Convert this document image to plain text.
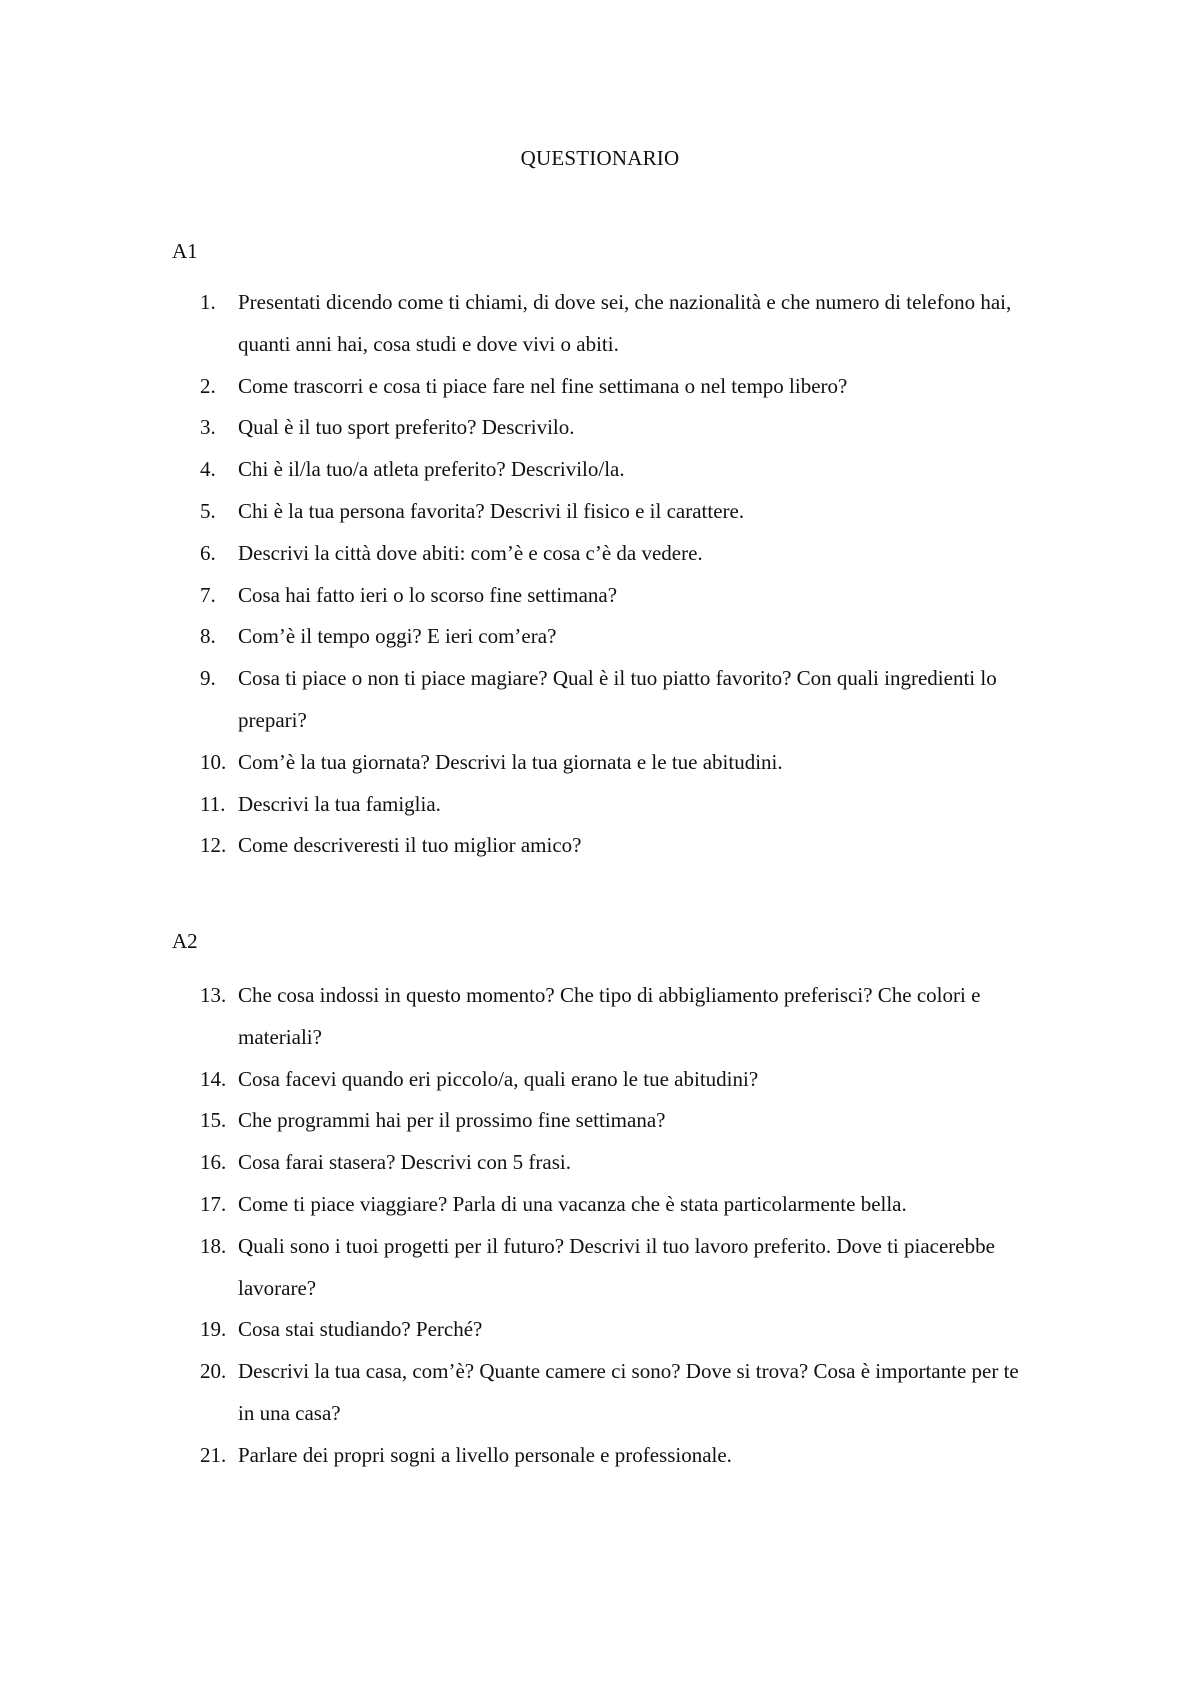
QUESTIONARIO
A1
1.	Presentati dicendo come ti chiami, di dove sei, che nazionalità e che numero di telefono hai, quanti anni hai, cosa studi e dove vivi o abiti.
2.	Come trascorri e cosa ti piace fare nel fine settimana o nel tempo libero?
3.	Qual è il tuo sport preferito? Descrivilo.
4.	Chi è il/la tuo/a atleta preferito? Descrivilo/la.
5.	Chi è la tua persona favorita? Descrivi il fisico e il carattere.
6.	Descrivi la città dove abiti: com’è e cosa c’è da vedere.
7.	Cosa hai fatto ieri o lo scorso fine settimana?
8.	Com’è il tempo oggi? E ieri com’era?
9.	Cosa ti piace o non ti piace magiare? Qual è il tuo piatto favorito? Con quali ingredienti lo prepari?
10. Com’è la tua giornata? Descrivi la tua giornata e le tue abitudini.
11. Descrivi la tua famiglia.
12. Come descriveresti il tuo miglior amico?
A2
13. Che cosa indossi in questo momento? Che tipo di abbigliamento preferisci? Che colori e materiali?
14. Cosa facevi quando eri piccolo/a, quali erano le tue abitudini?
15. Che programmi hai per il prossimo fine settimana?
16. Cosa farai stasera? Descrivi con 5 frasi.
17. Come ti piace viaggiare? Parla di una vacanza che è stata particolarmente bella.
18. Quali sono i tuoi progetti per il futuro? Descrivi il tuo lavoro preferito. Dove ti piacerebbe lavorare?
19. Cosa stai studiando? Perché?
20. Descrivi la tua casa, com’è? Quante camere ci sono? Dove si trova? Cosa è importante per te in una casa?
21. Parlare dei propri sogni a livello personale e professionale.
